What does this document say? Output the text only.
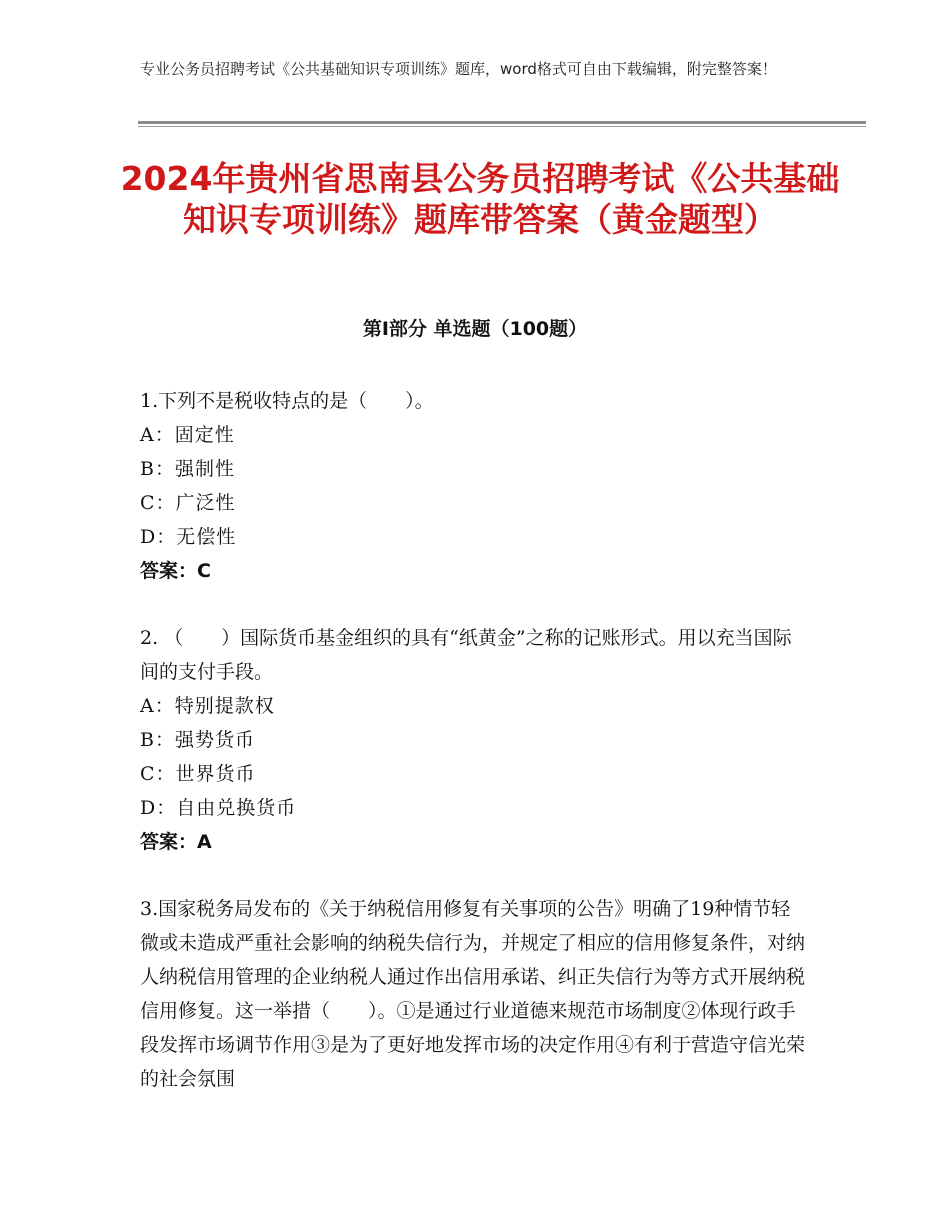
专业公务员招聘考试《公共基础知识专项训练》题库，word格式可自由下载编辑，附完整答案！
2024年贵州省思南县公务员招聘考试《公共基础知识专项训练》题库带答案（黄金题型）
第Ⅰ部分 单选题（100题）
1.下列不是税收特点的是（　　）。
A：固定性
B：强制性
C：广泛性
D：无偿性
答案：C
2. （　　）国际货币基金组织的具有“纸黄金”之称的记账形式。用以充当国际间的支付手段。
A：特别提款权
B：强势货币
C：世界货币
D：自由兑换货币
答案：A
3.国家税务局发布的《关于纳税信用修复有关事项的公告》明确了19种情节轻微或未造成严重社会影响的纳税失信行为，并规定了相应的信用修复条件，对纳人纳税信用管理的企业纳税人通过作出信用承诺、纠正失信行为等方式开展纳税信用修复。这一举措（　　）。①是通过行业道德来规范市场制度②体现行政手段发挥市场调节作用③是为了更好地发挥市场的决定作用④有利于营造守信光荣的社会氛围
